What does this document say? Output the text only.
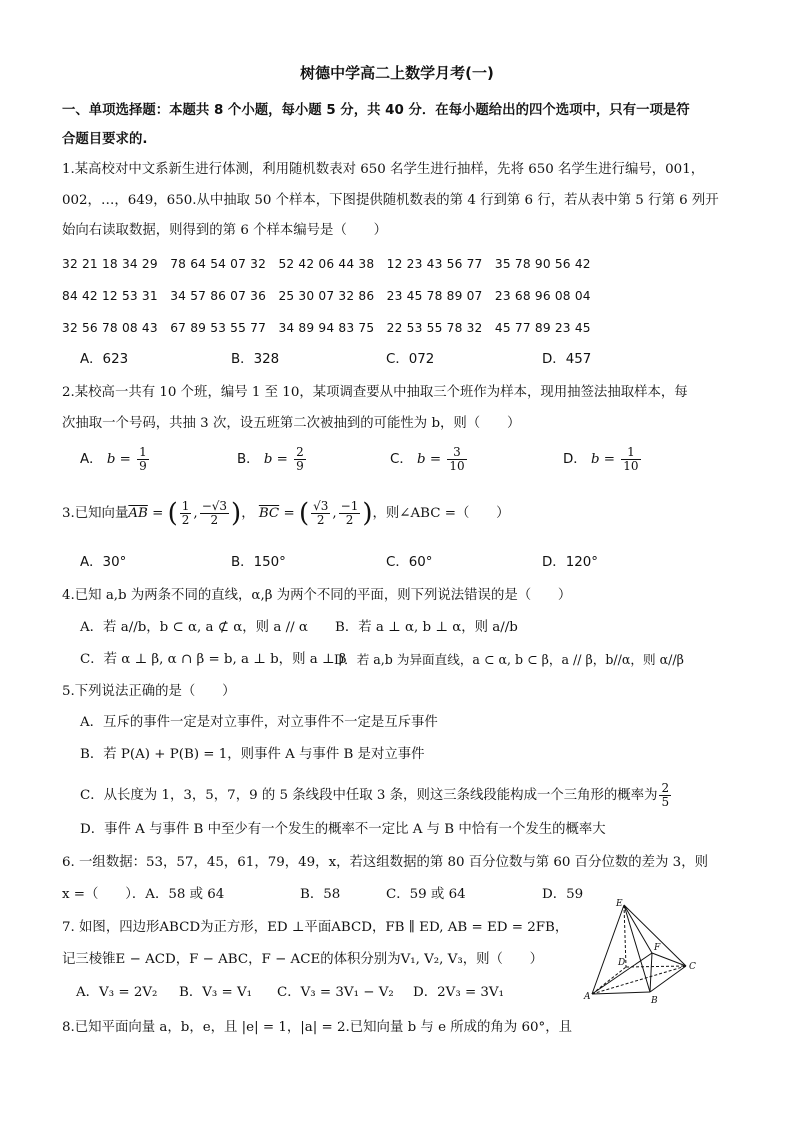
树德中学高二上数学月考(一)
一、单项选择题：本题共 8 个小题，每小题 5 分，共 40 分．在每小题给出的四个选项中，只有一项是符
合题目要求的.
1.某高校对中文系新生进行体测，利用随机数表对 650 名学生进行抽样，先将 650 名学生进行编号，001，
002，…，649，650.从中抽取 50 个样本，下图提供随机数表的第 4 行到第 6 行，若从表中第 5 行第 6 列开
始向右读取数据，则得到的第 6 个样本编号是（　　）
32 21 18 34 29　78 64 54 07 32　52 42 06 44 38　12 23 43 56 77　35 78 90 56 42
84 42 12 53 31　34 57 86 07 36　25 30 07 32 86　23 45 78 89 07　23 68 96 08 04
32 56 78 08 43　67 89 53 55 77　34 89 94 83 75　22 53 55 78 32　45 77 89 23 45
A．623	B．328	C．072	D．457
2.某校高一共有 10 个班，编号 1 至 10，某项调查要从中抽取三个班作为样本，现用抽签法抽取样本，每
次抽取一个号码，共抽 3 次，设五班第二次被抽到的可能性为 b，则（　　）
A． $b = \frac{1}{9}$	B． $b = \frac{2}{9}$	C． $b = \frac{3}{10}$	D． $b = \frac{1}{10}$
3.已知向量$\overline{AB}$ = ( $\frac{1}{2}$ , $\frac{-√3}{2}$ )， $\overline{BC}$ = ( $\frac{√3}{2}$ , $\frac{-1}{2}$ )，则∠ABC =（　　）
A．30°	B．150°	C．60°	D．120°
4.已知 a,b 为两条不同的直线，α,β 为两个不同的平面，则下列说法错误的是（　　）
A．若 a//b，b ⊂ α, a ⊄ α，则 a // α B．若 a ⊥ α, b ⊥ α，则 a//b
C．若 α ⊥ β, α ∩ β = b, a ⊥ b，则 a ⊥ β
D．若 a,b 为异面直线，a ⊂ α, b ⊂ β，a // β，b//α，则 α//β
5.下列说法正确的是（　　）
A．互斥的事件一定是对立事件，对立事件不一定是互斥事件
B．若 P(A) + P(B) = 1，则事件 A 与事件 B 是对立事件
C．从长度为 1，3，5，7，9 的 5 条线段中任取 3 条，则这三条线段能构成一个三角形的概率为 $\frac{2}{5}$
D．事件 A 与事件 B 中至少有一个发生的概率不一定比 A 与 B 中恰有一个发生的概率大
6. 一组数据：53，57，45，61，79，49，x，若这组数据的第 80 百分位数与第 60 百分位数的差为 3，则
x =（　　）．A．58 或 64	B．58	C．59 或 64	D．59
7. 如图，四边形ABCD为正方形，ED ⊥平面ABCD，FB ∥ ED, AB = ED = 2FB，
记三棱锥E − ACD，F − ABC，F − ACE的体积分别为V₁, V₂, V₃，则（　　）
A．V₃ = 2V₂ B．V₃ = V₁ C．V₃ = 3V₁ − V₂ D．2V₃ = 3V₁
E
F
D	C
A	B
8.已知平面向量 a，b，e，且 |e| = 1，|a| = 2.已知向量 b 与 e 所成的角为 60°，且
